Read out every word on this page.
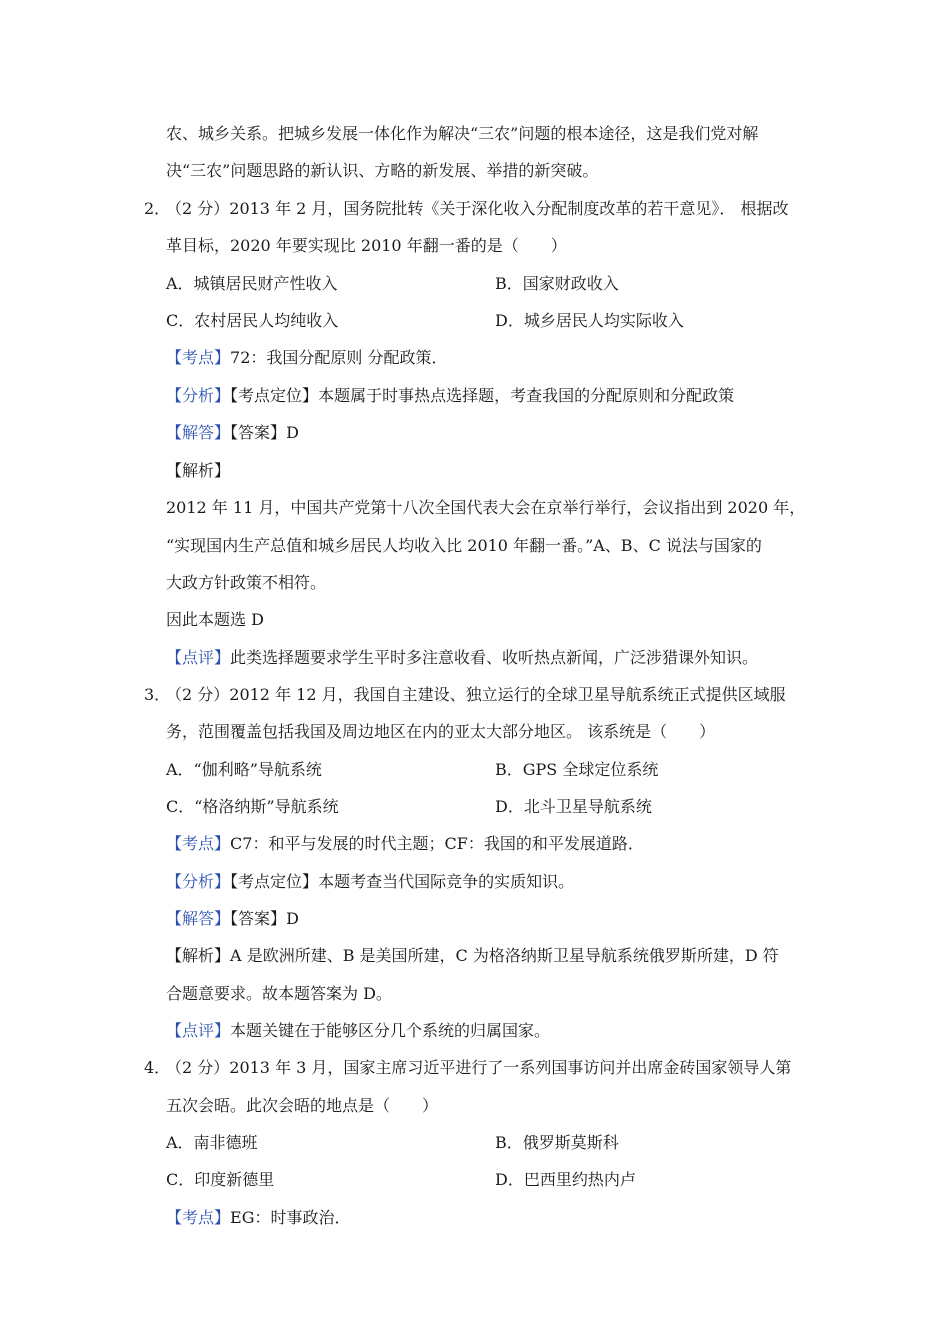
农、城乡关系。把城乡发展一体化作为解决“三农”问题的根本途径，这是我们党对解
决“三农”问题思路的新认识、方略的新发展、举措的新突破。
2．
（2 分）2013 年 2 月，国务院批转《关于深化收入分配制度改革的若干意见》． 根据改
革目标，2020 年要实现比 2010 年翻一番的是（　　）
A．城镇居民财产性收入	B．国家财政收入
C．农村居民人均纯收入	D．城乡居民人均实际收入
【考点】72：我国分配原则 分配政策．
【分析】【考点定位】本题属于时事热点选择题，考查我国的分配原则和分配政策
【解答】【答案】D
【解析】
2012 年 11 月，中国共产党第十八次全国代表大会在京举行举行，会议指出到 2020 年，
“实现国内生产总值和城乡居民人均收入比 2010 年翻一番。”A、B、C 说法与国家的
大政方针政策不相符。
因此本题选 D
【点评】此类选择题要求学生平时多注意收看、收听热点新闻，广泛涉猎课外知识。
3．
（2 分）2012 年 12 月，我国自主建设、独立运行的全球卫星导航系统正式提供区域服
务，范围覆盖包括我国及周边地区在内的亚太大部分地区。 该系统是（　　）
A．“伽利略”导航系统	B．GPS 全球定位系统
C．“格洛纳斯”导航系统	D．北斗卫星导航系统
【考点】C7：和平与发展的时代主题；CF：我国的和平发展道路．
【分析】【考点定位】本题考查当代国际竞争的实质知识。
【解答】【答案】D
【解析】A 是欧洲所建、B 是美国所建，C 为格洛纳斯卫星导航系统俄罗斯所建，D 符
合题意要求。故本题答案为 D。
【点评】本题关键在于能够区分几个系统的归属国家。
4．
（2 分）2013 年 3 月，国家主席习近平进行了一系列国事访问并出席金砖国家领导人第
五次会晤。此次会晤的地点是（　　）
A．南非德班	B．俄罗斯莫斯科
C．印度新德里	D．巴西里约热内卢
【考点】EG：时事政治．
